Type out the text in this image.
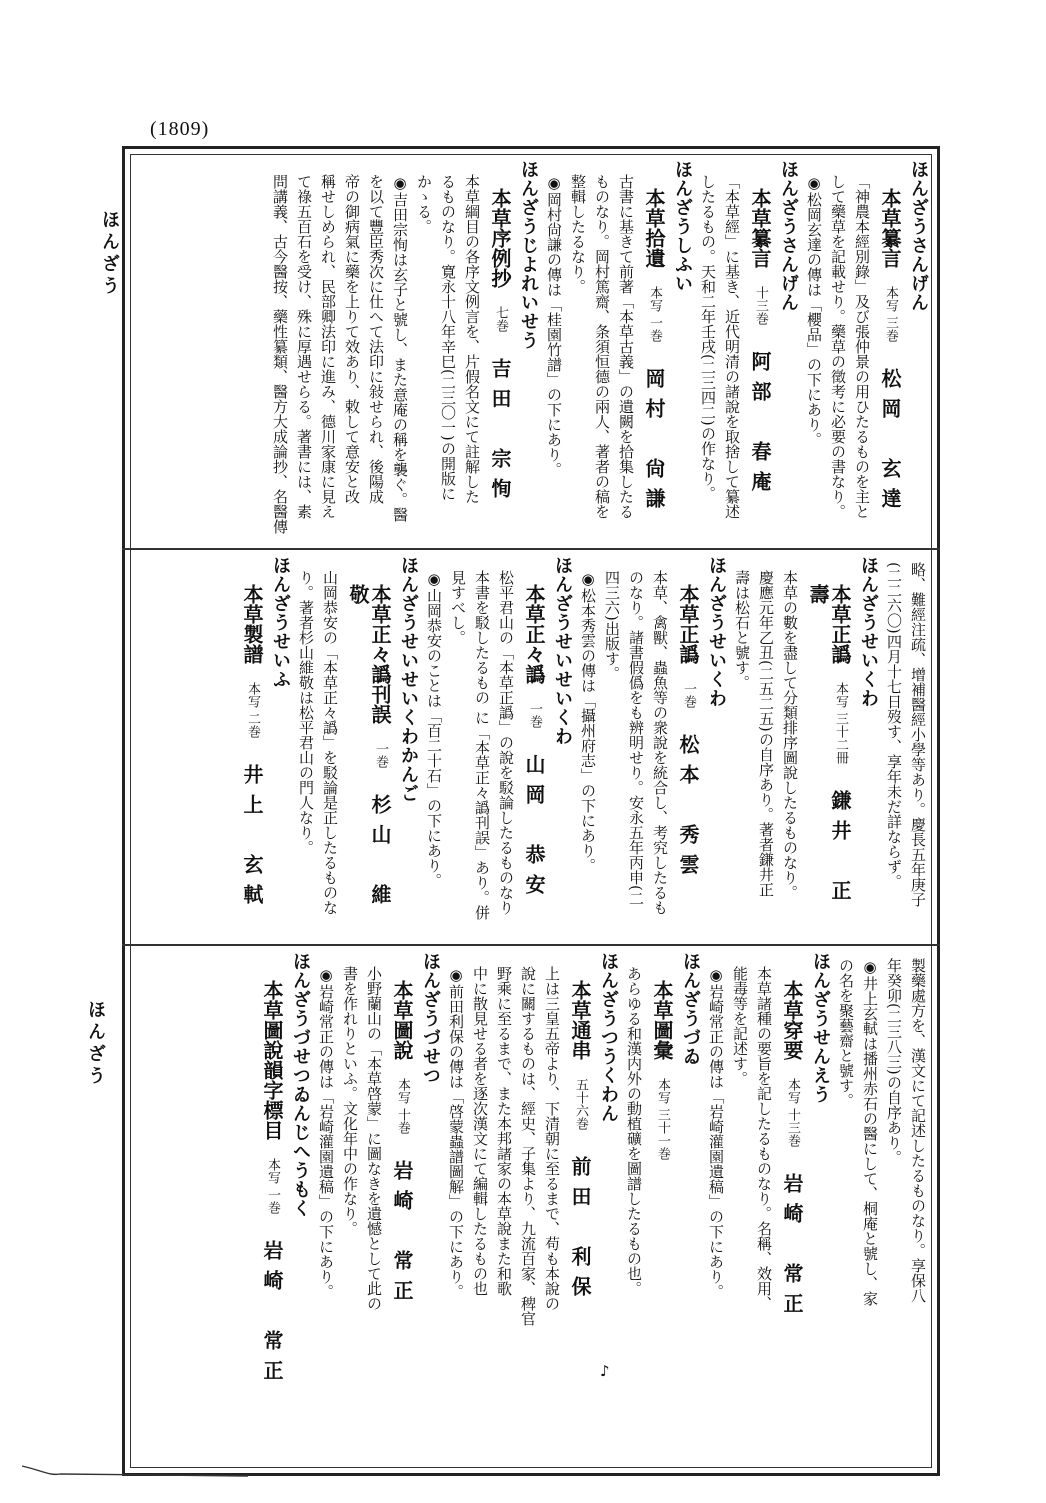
(1809)
ほんざう
ほんざう
ほんざうさんげん
本草纂言本写 三巻松岡　玄達

「神農本經別錄」及び張仲景の用ひたるものを主と

して藥草を記載せり。藥草の徵考に必要の書なり。

◉松岡玄達の傳は「櫻品」の下にあり。

ほんざうさんげん
本草纂言十三巻阿部　春庵

「本草經」に基き、近代明清の諸說を取捨して纂述

したるもの。天和二年壬戌(二三四二)の作なり。

ほんざうしふい
本草拾遺本写 一巻岡村　尙謙

古書に基きて前著「本草古義」の遺闕を拾集したる

ものなり。岡村篤齋、条須恒德の兩人、著者の稿を

整輯したるなり。

◉岡村尙謙の傳は「桂園竹譜」の下にあり。

ほんざうじよれいせう
本草序例抄七巻吉田　宗恂

本草綱目の各序文例言を、片假名文にて註解した

るものなり。寛永十八年辛巳(二三〇一)の開版に

かゝる。

◉吉田宗恂は玄子と號し、また意庵の稱を襲ぐ。醫

を以て豐臣秀次に仕へて法印に敍せられ、後陽成

帝の御病氣に藥を上りて效あり、敕して意安と改

稱せしめられ、民部卿法印に進み、德川家康に見え

て祿五百石を受け、殊に厚遇せらる。著書には、素

問講義、古今醫按、藥性纂類、醫方大成論抄、名醫傳

略、難經注疏、增補醫經小學等あり。慶長五年庚子

(二二六〇)四月十七日歿す、享年未だ詳ならず。

ほんざうせいくわ
本草正譌本写 三十二冊鎌井　正壽

本草の數を盡して分類排序圖說したるものなり。

慶應元年乙丑(二五二五)の自序あり。著者鎌井正

壽は松石と號す。

ほんざうせいくわ
本草正譌一巻松本　秀雲

本草、禽獸、蟲魚等の衆說を統合し、考究したるも

のなり。諸書假僞をも辨明せり。安永五年丙申(二

四三六)出版す。

◉松本秀雲の傳は「攝州府志」の下にあり。

ほんざうせいせいくわ
本草正々譌一巻山岡　恭安

松平君山の「本草正譌」の說を駁論したるものなり

本書を駁したるもの に「本草正々譌刊誤」あり。併

見すべし。

◉山岡恭安のことは「百二十石」の下にあり。

ほんざうせいせいくわかんご
本草正々譌刊誤一巻杉山　維敬

山岡恭安の「本草正々譌」を駁論是正したるものな

り。著者杉山維敬は松平君山の門人なり。

ほんざうせいふ
本草製譜本写 二巻井上　玄軾

製藥處方を、漢文にて記述したるものなり。享保八

年癸卯(二三八三)の自序あり。

◉井上玄軾は播州赤石の醫にして、桐庵と號し、家

の名を聚藝齋と號す。

ほんざうせんえう
本草穿要本写 十三巻岩崎　常正

本草諸種の要旨を記したるものなり。名稱、效用、

能毒等を記述す。

◉岩崎常正の傳は「岩崎灌園遺稿」の下にあり。

ほんざうづゐ
本草圖彙本写 三十一巻

あらゆる和漢内外の動植礦を圖譜したるもの也。

ほんざうつうくわん
本草通串五十六巻前田　利保

上は三皇五帝より、下清朝に至るまで、苟も本說の

說に關するものは、經史、子集より、九流百家、稗官

野乘に至るまで、また本邦諸家の本草說また和歌

中に散見せる者を逐次漢文にて編輯したるもの也

◉前田利保の傳は「啓蒙蟲譜圖解」の下にあり。

ほんざうづせつ
本草圖說本写 十巻岩崎　常正

小野蘭山の「本草啓蒙」に圖なきを遺憾として此の

書を作れりといふ。文化年中の作なり。

◉岩崎常正の傳は「岩崎灌園遺稿」の下にあり。

ほんざうづせつゐんじへうもく
本草圖說韻字標目本写 一巻岩崎　常正	♪
